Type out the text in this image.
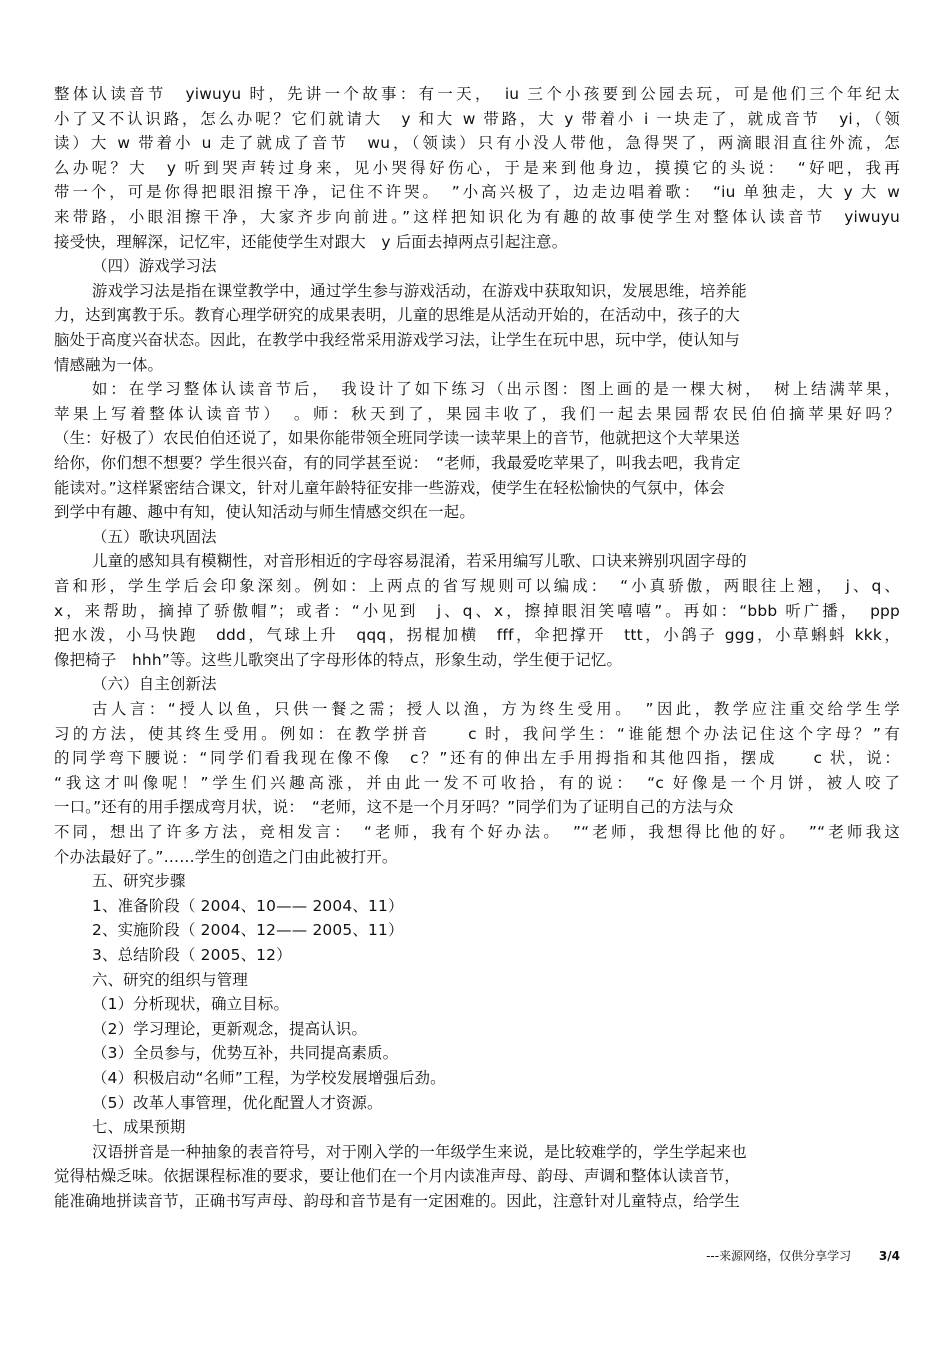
整体认读音节　yiwuyu 时，先讲一个故事：有一天，　iu 三个小孩要到公园去玩，可是他们三个年纪太
小了又不认识路，怎么办呢？它们就请大　y 和大 w 带路，大 y 带着小 i 一块走了，就成音节　yi，（领
读）大 w 带着小 u 走了就成了音节　wu，（领读）只有小没人带他，急得哭了，两滴眼泪直往外流，怎
么办呢？大　y 听到哭声转过身来，见小哭得好伤心，于是来到他身边，摸摸它的头说：　“好吧，我再
带一个，可是你得把眼泪擦干净，记住不许哭。　”小高兴极了，边走边唱着歌：　“iu 单独走，大 y 大 w
来带路，小眼泪擦干净，大家齐步向前进。”这样把知识化为有趣的故事使学生对整体认读音节　yiwuyu
接受快，理解深，记忆牢，还能使学生对跟大　y 后面去掉两点引起注意。
（四）游戏学习法
游戏学习法是指在课堂教学中，通过学生参与游戏活动，在游戏中获取知识，发展思维，培养能
力，达到寓教于乐。教育心理学研究的成果表明，儿童的思维是从活动开始的，在活动中，孩子的大
脑处于高度兴奋状态。因此，在教学中我经常采用游戏学习法，让学生在玩中思，玩中学，使认知与
情感融为一体。
如：在学习整体认读音节后，　我设计了如下练习（出示图：图上画的是一棵大树，　树上结满苹果，
苹果上写着整体认读音节）　。师：秋天到了，果园丰收了，我们一起去果园帮农民伯伯摘苹果好吗？
（生：好极了）农民伯伯还说了，如果你能带领全班同学读一读苹果上的音节，他就把这个大苹果送
给你，你们想不想要？学生很兴奋，有的同学甚至说：　“老师，我最爱吃苹果了，叫我去吧，我肯定
能读对。”这样紧密结合课文，针对儿童年龄特征安排一些游戏，使学生在轻松愉快的气氛中，体会
到学中有趣、趣中有知，使认知活动与师生情感交织在一起。
（五）歌诀巩固法
儿童的感知具有模糊性，对音形相近的字母容易混淆，若采用编写儿歌、口诀来辨别巩固字母的
音和形，学生学后会印象深刻。例如：上两点的省写规则可以编成：　“小真骄傲，两眼往上翘，　j、q、
x，来帮助，摘掉了骄傲帽”；或者：“小见到　j、q、x，擦掉眼泪笑嘻嘻”。再如：“bbb 听广播，　ppp
把水泼，小马快跑　ddd，气球上升　qqq，拐棍加横　fff，伞把撑开　ttt，小鸽子 ggg，小草蝌蚪 kkk，
像把椅子　hhh”等。这些儿歌突出了字母形体的特点，形象生动，学生便于记忆。
（六）自主创新法
古人言：“授人以鱼，只供一餐之需；授人以渔，方为终生受用。　”因此，教学应注重交给学生学
习的方法，使其终生受用。例如：在教学拼音　　c 时，我问学生：“谁能想个办法记住这个字母？”有
的同学弯下腰说：“同学们看我现在像不像　c？”还有的伸出左手用拇指和其他四指，摆成　　c 状，说：
“我这才叫像呢！”学生们兴趣高涨，并由此一发不可收拾，有的说：　“c 好像是一个月饼，被人咬了
一口。”还有的用手摆成弯月状，说：　“老师，这不是一个月牙吗？”同学们为了证明自己的方法与众
不同，想出了许多方法，竞相发言：　“老师，我有个好办法。　”“老师，我想得比他的好。　”“老师我这
个办法最好了。”……学生的创造之门由此被打开。
五、研究步骤
1、准备阶段（ 2004、10—— 2004、11）
2、实施阶段（ 2004、12—— 2005、11）
3、总结阶段（ 2005、12）
六、研究的组织与管理
（1）分析现状，确立目标。
（2）学习理论，更新观念，提高认识。
（3）全员参与，优势互补，共同提高素质。
（4）积极启动“名师”工程，为学校发展增强后劲。
（5）改革人事管理，优化配置人才资源。
七、成果预期
汉语拼音是一种抽象的表音符号，对于刚入学的一年级学生来说，是比较难学的，学生学起来也
觉得枯燥乏味。依据课程标准的要求，要让他们在一个月内读准声母、韵母、声调和整体认读音节，
能准确地拼读音节，正确书写声母、韵母和音节是有一定困难的。因此，注意针对儿童特点，给学生
---来源网络，仅供分享学习 3/4
